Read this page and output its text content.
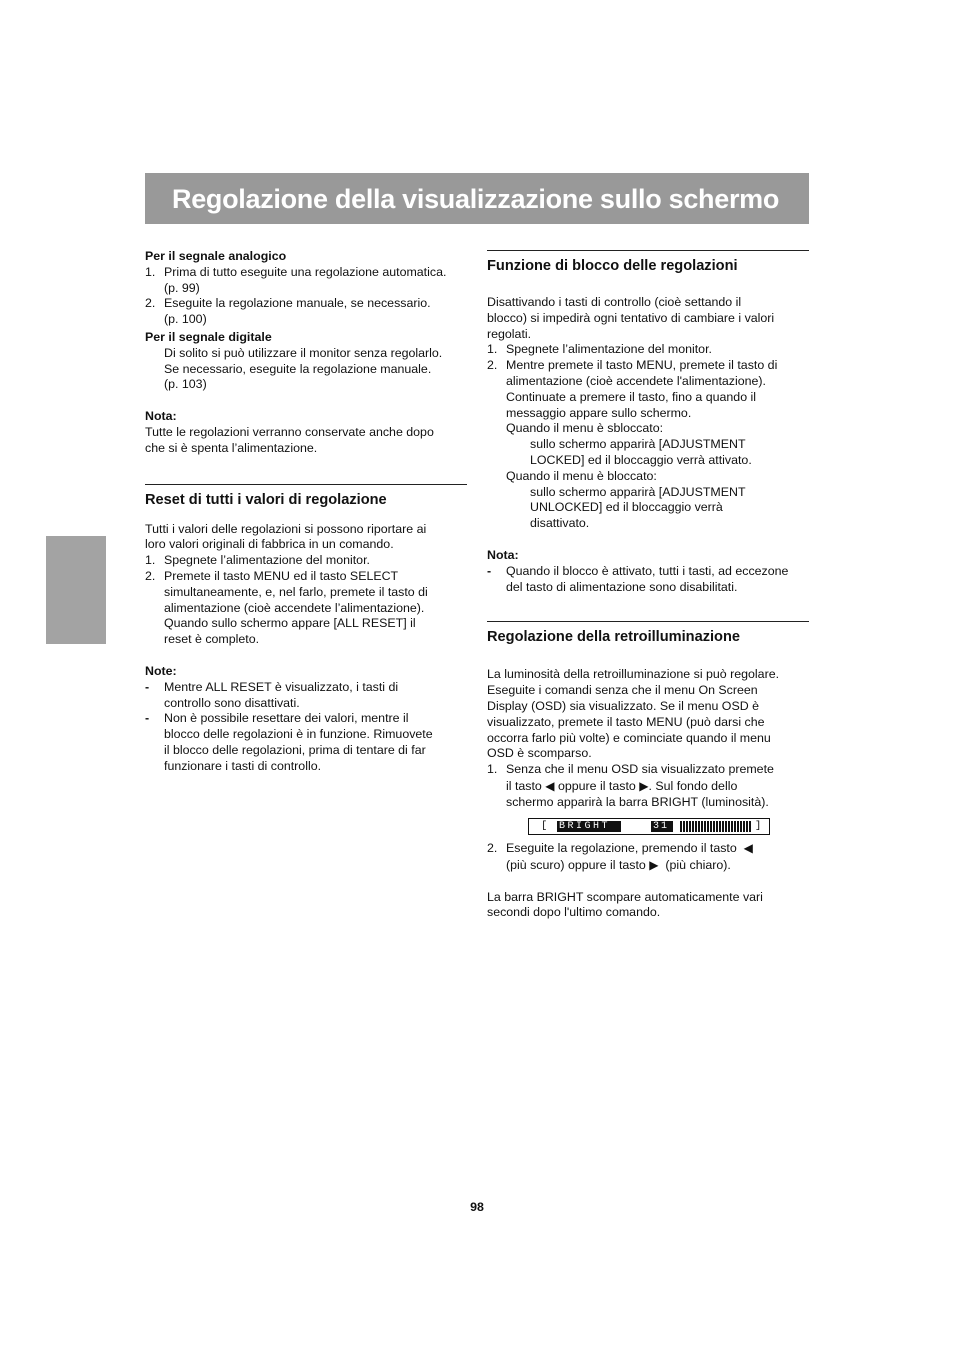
Regolazione della visualizzazione sullo schermo
Per il segnale analogico
1. Prima di tutto eseguite una regolazione automatica.
(p. 99)
2. Eseguite la regolazione manuale, se necessario.
(p. 100)
Per il segnale digitale
Di solito si può utilizzare il monitor senza regolarlo.
Se necessario, eseguite la regolazione manuale.
(p. 103)
Nota:
Tutte le regolazioni verranno conservate anche dopo
che si è spenta l’alimentazione.
Reset di tutti i valori di regolazione
Tutti i valori delle regolazioni si possono riportare ai
loro valori originali di fabbrica in un comando.
1. Spegnete l’alimentazione del monitor.
2. Premete il tasto MENU ed il tasto SELECT
simultaneamente, e, nel farlo, premete il tasto di
alimentazione (cioè accendete l’alimentazione).
Quando sullo schermo appare [ALL RESET] il
reset è completo.
Note:
- Mentre ALL RESET è visualizzato, i tasti di
controllo sono disattivati.
- Non è possibile resettare dei valori, mentre il
blocco delle regolazioni è in funzione. Rimuovete
il blocco delle regolazioni, prima di tentare di far
funzionare i tasti di controllo.
Funzione di blocco delle regolazioni
Disattivando i tasti di controllo (cioè settando il
blocco) si impedirà ogni tentativo di cambiare i valori
regolati.
1. Spegnete l’alimentazione del monitor.
2. Mentre premete il tasto MENU, premete il tasto di
alimentazione (cioè accendete l'alimentazione).
Continuate a premere il tasto, fino a quando il
messaggio appare sullo schermo.
Quando il menu è sbloccato:
sullo schermo apparirà [ADJUSTMENT
LOCKED] ed il bloccaggio verrà attivato.
Quando il menu è bloccato:
sullo schermo apparirà [ADJUSTMENT
UNLOCKED] ed il bloccaggio verrà
disattivato.
Nota:
- Quando il blocco è attivato, tutti i tasti, ad eccezone
del tasto di alimentazione sono disabilitati.
Regolazione della retroilluminazione
La luminosità della retroilluminazione si può regolare.
Eseguite i comandi senza che il menu On Screen
Display (OSD) sia visualizzato. Se il menu OSD è
visualizzato, premete il tasto MENU (può darsi che
occorra farlo più volte) e cominciate quando il menu
OSD è scomparso.
1. Senza che il menu OSD sia visualizzato premete
il tasto ◀ oppure il tasto ▶. Sul fondo dello
schermo apparirà la barra BRIGHT (luminosità).
[ BRIGHT	31	]
2. Eseguite la regolazione, premendo il tasto ◀
(più scuro) oppure il tasto ▶ (più chiaro).
La barra BRIGHT scompare automaticamente vari
secondi dopo l'ultimo comando.
98
